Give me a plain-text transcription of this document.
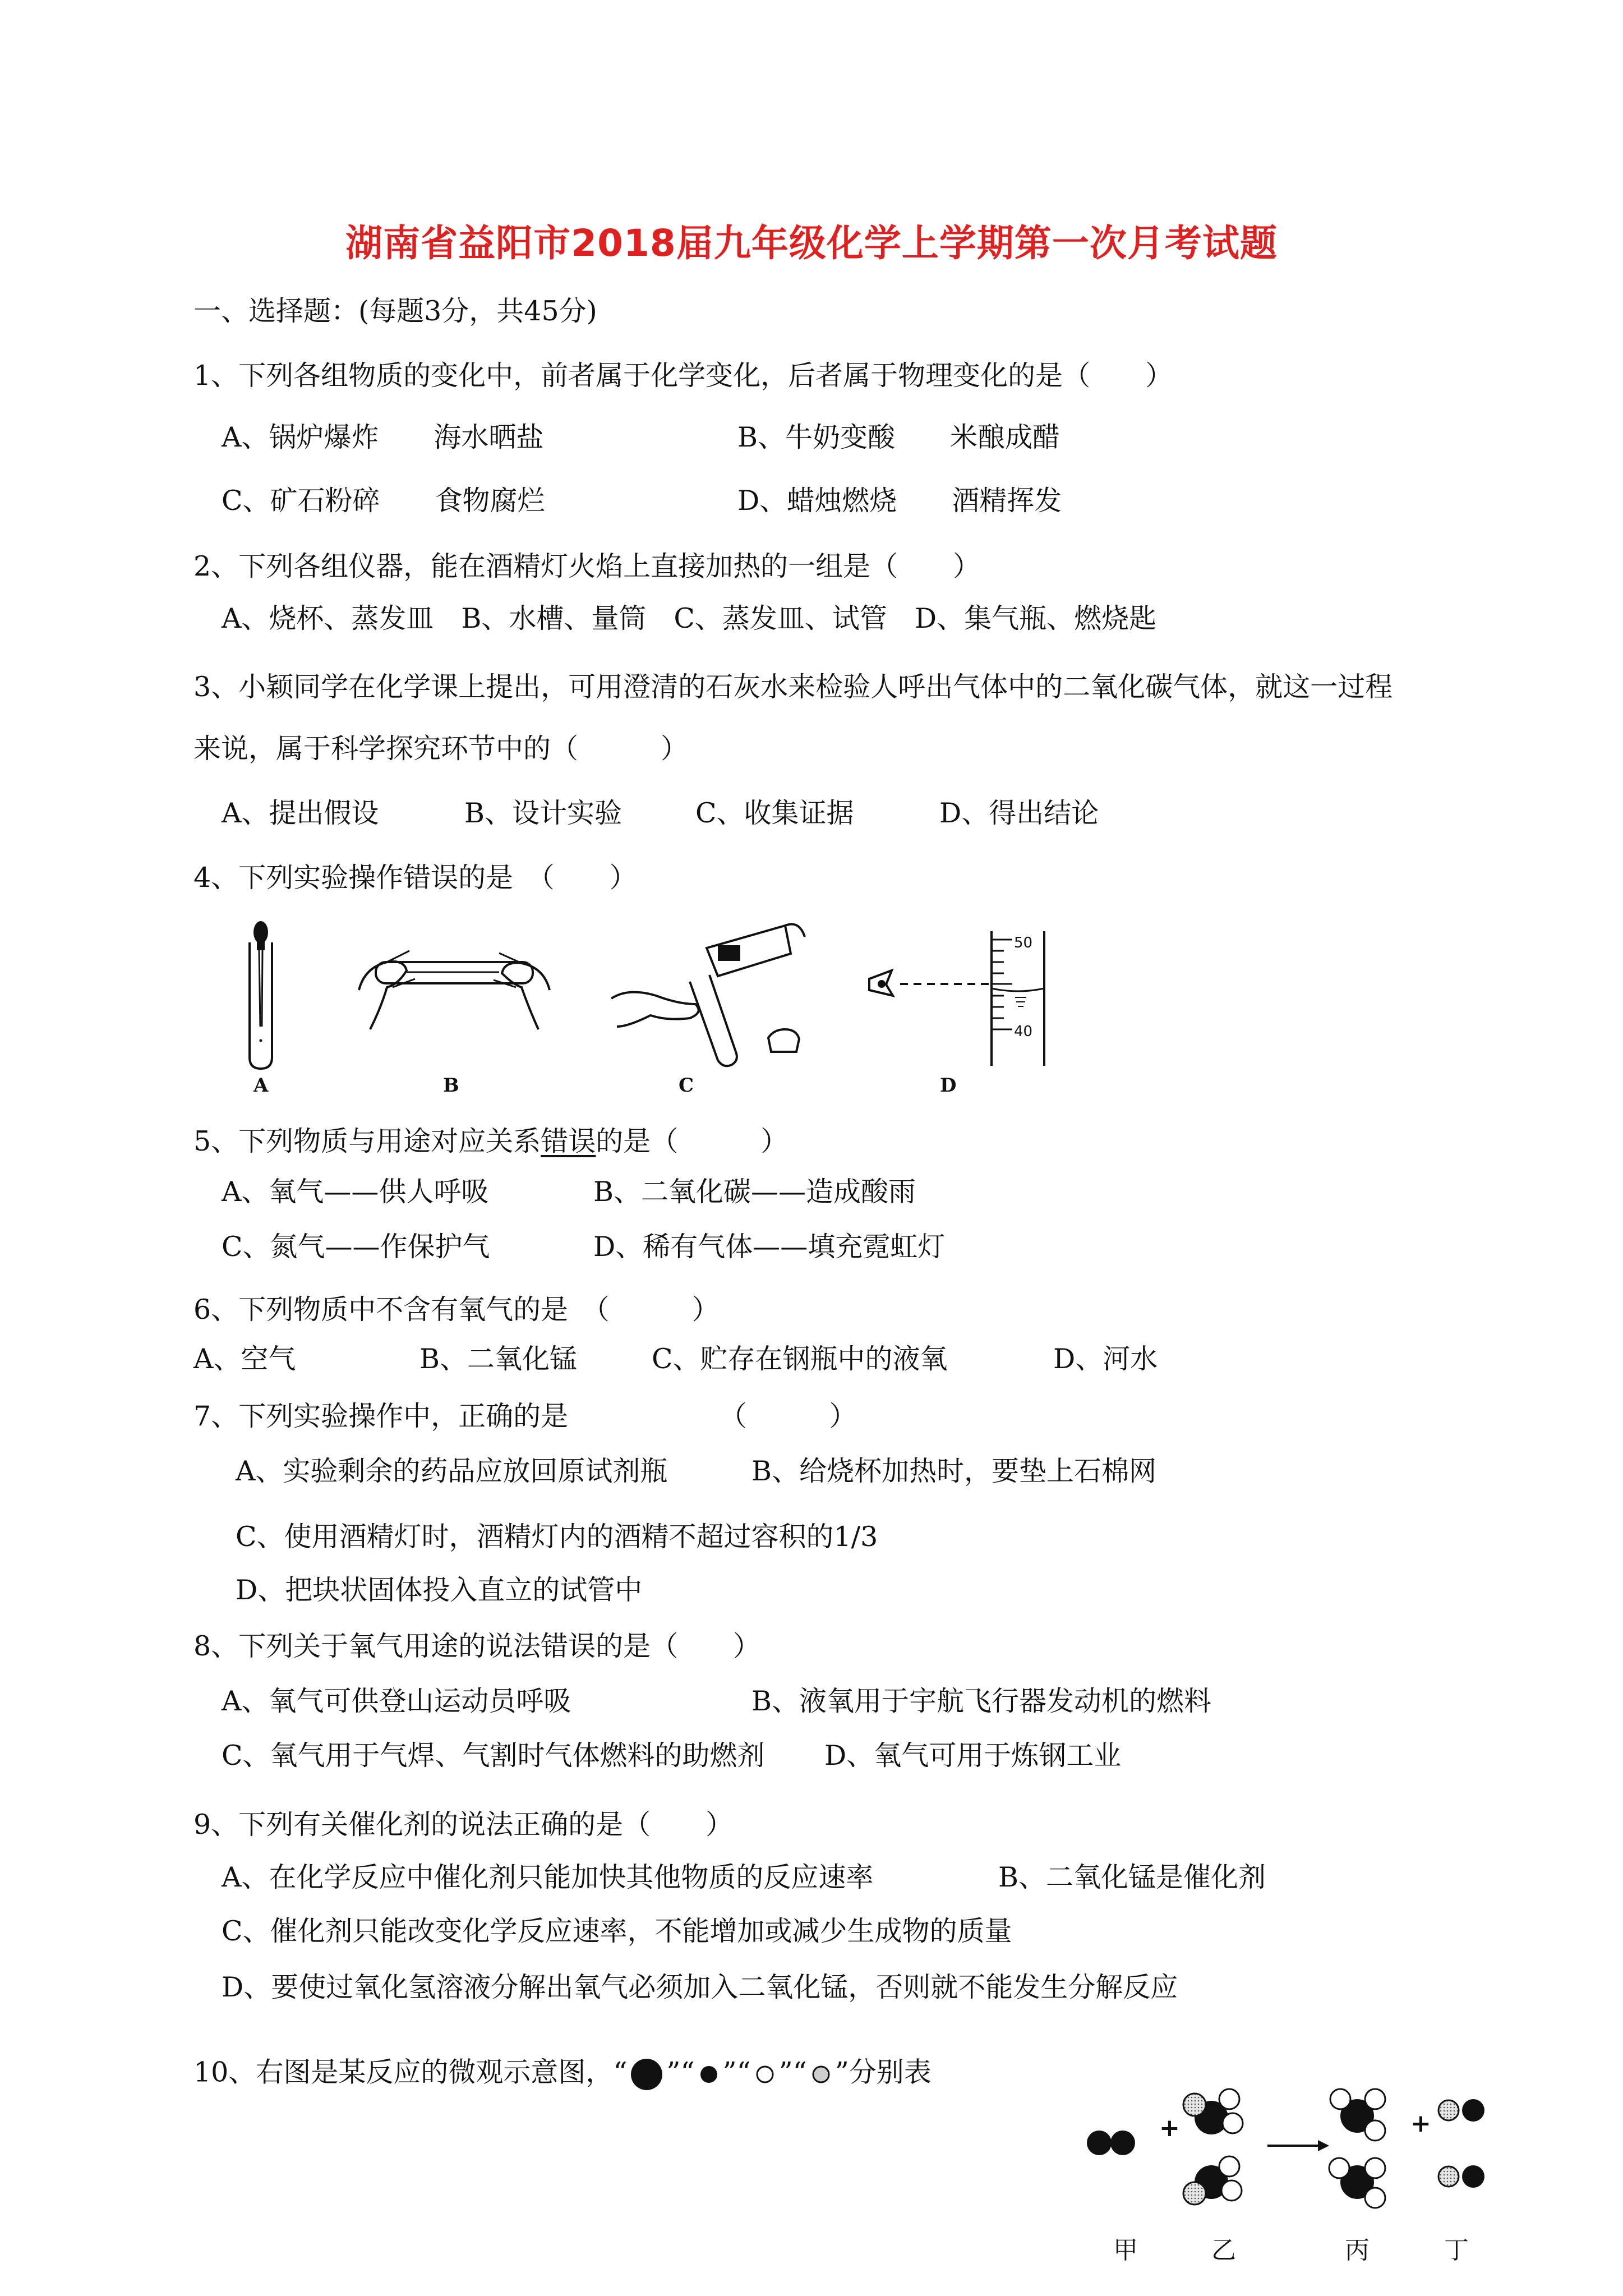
湖南省益阳市2018届九年级化学上学期第一次月考试题
一、选择题：(每题3分，共45分)
1、下列各组物质的变化中，前者属于化学变化，后者属于物理变化的是（　　）
A、锅炉爆炸　　海水晒盐	B、牛奶变酸　　米酿成醋
C、矿石粉碎　　食物腐烂	D、蜡烛燃烧　　酒精挥发
2、下列各组仪器，能在酒精灯火焰上直接加热的一组是（　　）
A、烧杯、蒸发皿　B、水槽、量筒　C、蒸发皿、试管　D、集气瓶、燃烧匙
3、小颖同学在化学课上提出，可用澄清的石灰水来检验人呼出气体中的二氧化碳气体，就这一过程
来说，属于科学探究环节中的（　　　）
A、提出假设	B、设计实验	C、收集证据	D、得出结论
4、下列实验操作错误的是　（　　）
A	B	C
50
40
D
5、下列物质与用途对应关系错误的是（　　　）
A、氧气——供人呼吸	B、二氧化碳——造成酸雨
C、氮气——作保护气	D、稀有气体——填充霓虹灯
6、下列物质中不含有氧气的是　（　　　）
A、空气	B、二氧化锰	C、贮存在钢瓶中的液氧	D、河水
7、下列实验操作中，正确的是　　　　　　（　　　）
A、实验剩余的药品应放回原试剂瓶	B、给烧杯加热时，要垫上石棉网
C、使用酒精灯时，酒精灯内的酒精不超过容积的1/3
D、把块状固体投入直立的试管中
8、下列关于氧气用途的说法错误的是（　　）
A、氧气可供登山运动员呼吸	B、液氧用于宇航飞行器发动机的燃料
C、氧气用于气焊、气割时气体燃料的助燃剂 D、氧气可用于炼钢工业
9、下列有关催化剂的说法正确的是（　　）
A、在化学反应中催化剂只能加快其他物质的反应速率	B、二氧化锰是催化剂
C、催化剂只能改变化学反应速率，不能增加或减少生成物的质量
D、要使过氧化氢溶液分解出氧气必须加入二氧化锰，否则就不能发生分解反应
10、右图是某反应的微观示意图，“ ”“ ”“ ”“ ”分别表
+	+
甲	乙	丙	丁
